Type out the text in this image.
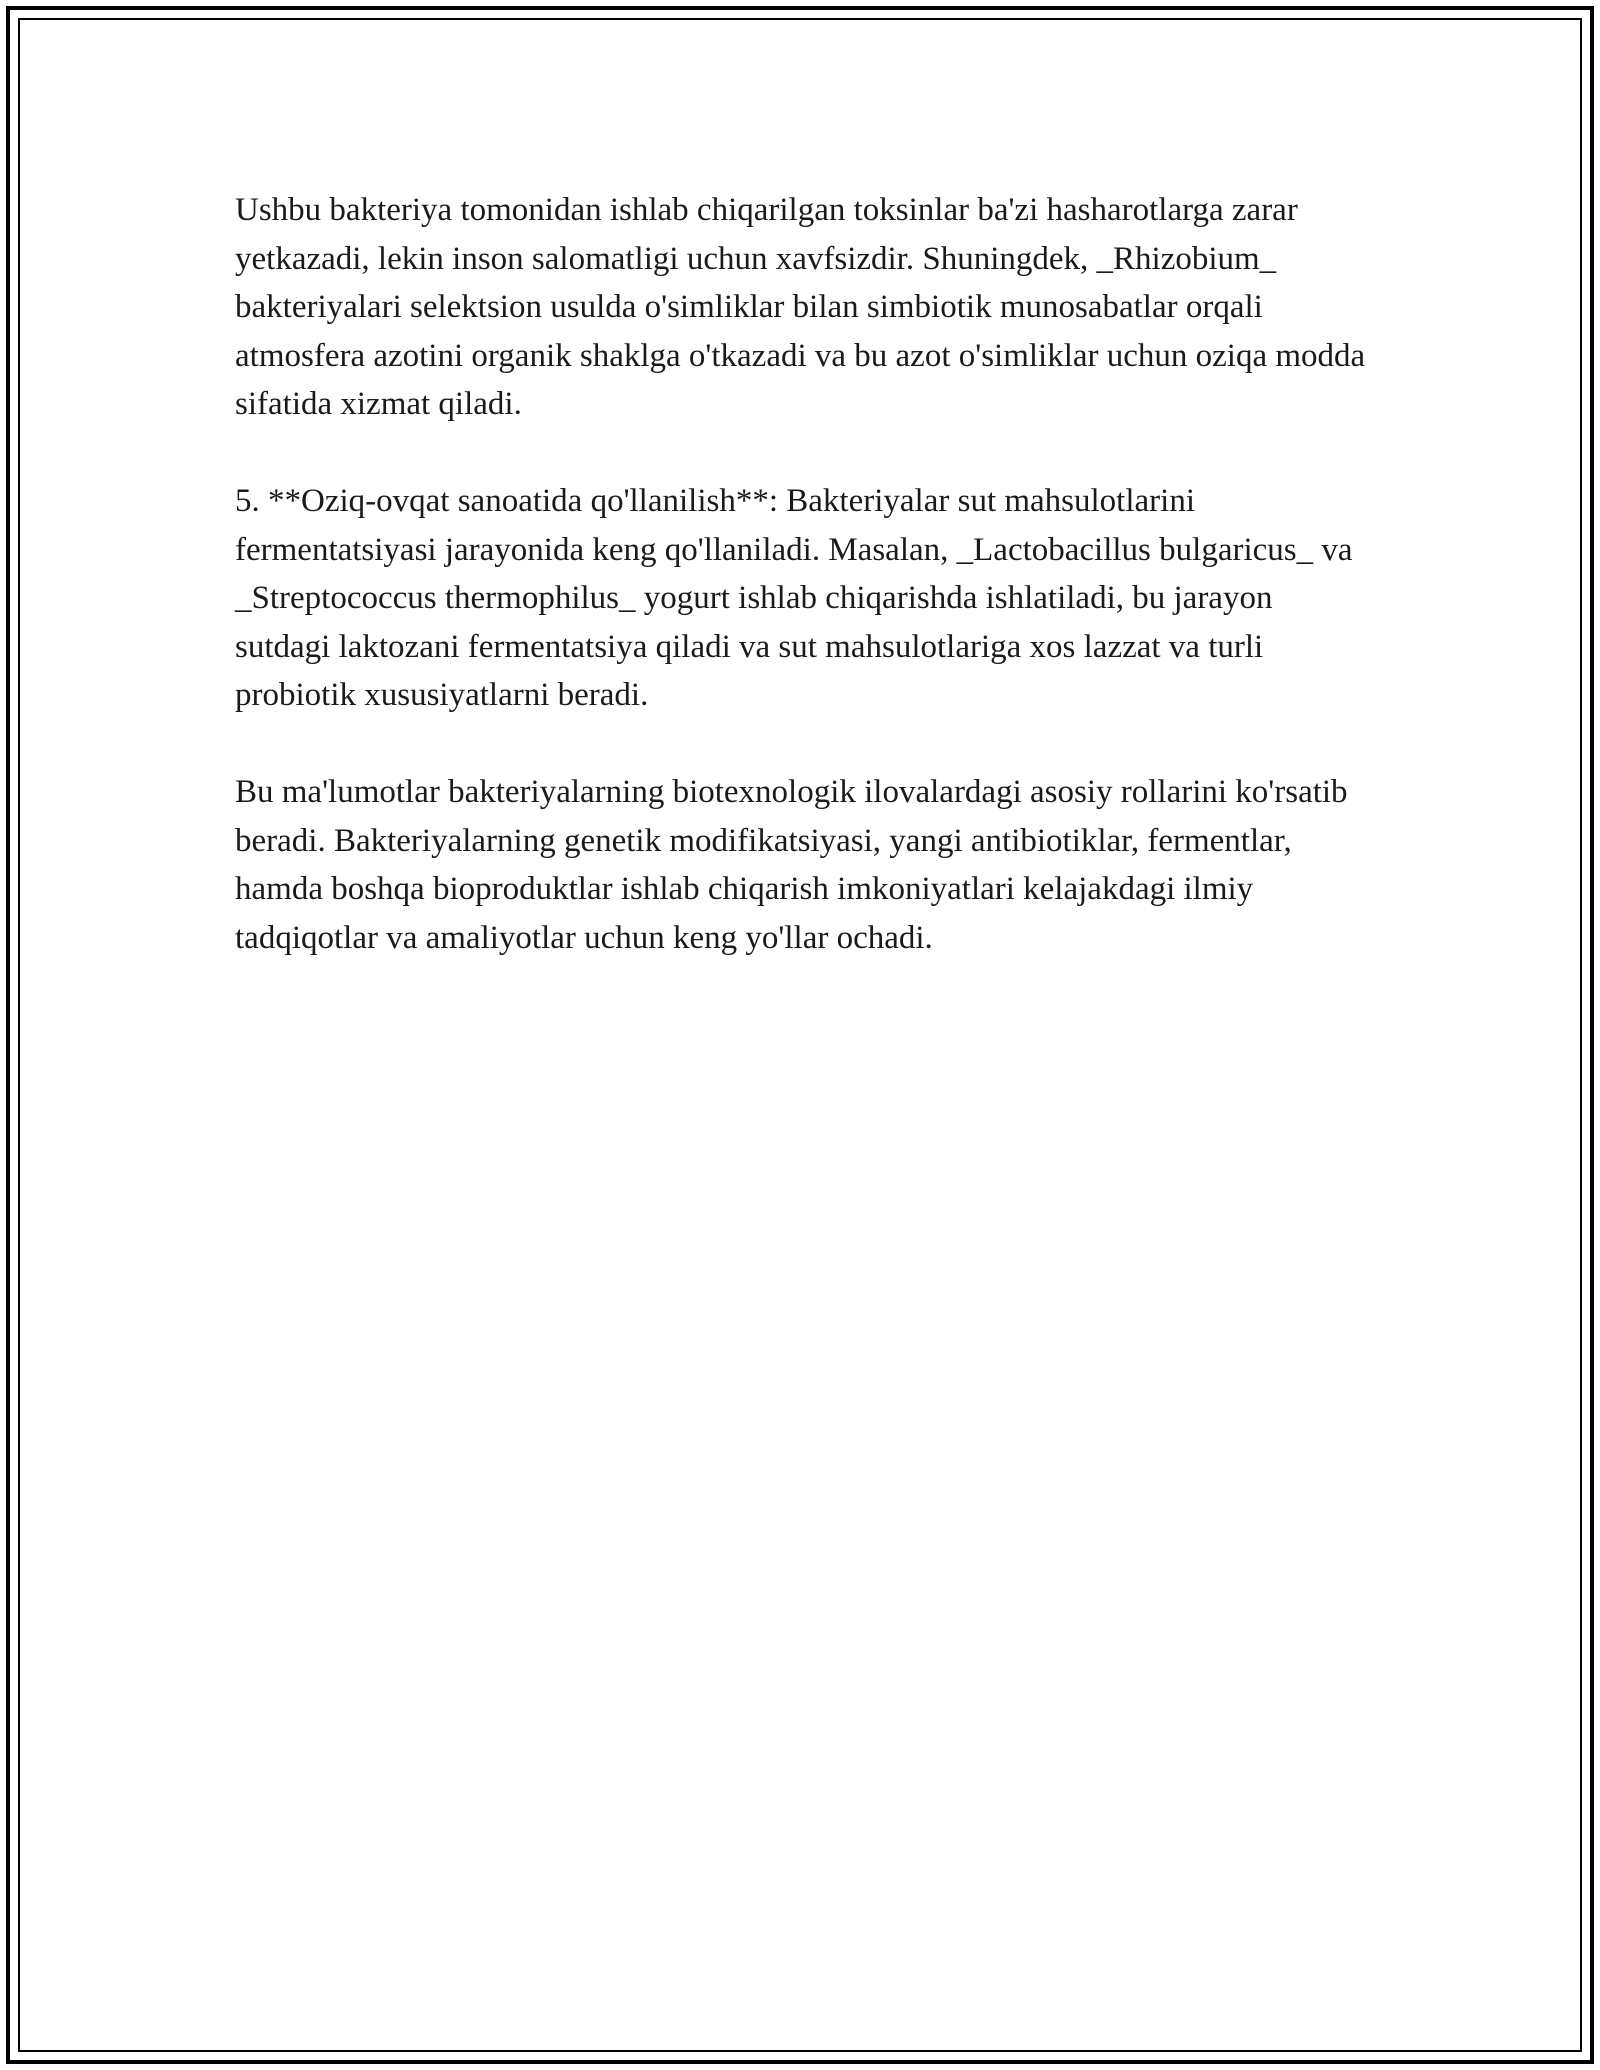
Ushbu bakteriya tomonidan ishlab chiqarilgan toksinlar ba'zi hasharotlarga zarar yetkazadi, lekin inson salomatligi uchun xavfsizdir. Shuningdek, _Rhizobium_ bakteriyalari selektsion usulda o'simliklar bilan simbiotik munosabatlar orqali atmosfera azotini organik shaklga o'tkazadi va bu azot o'simliklar uchun oziqa modda sifatida xizmat qiladi.

5. **Oziq-ovqat sanoatida qo'llanilish**: Bakteriyalar sut mahsulotlarini fermentatsiyasi jarayonida keng qo'llaniladi. Masalan, _Lactobacillus bulgaricus_ va _Streptococcus thermophilus_ yogurt ishlab chiqarishda ishlatiladi, bu jarayon sutdagi laktozani fermentatsiya qiladi va sut mahsulotlariga xos lazzat va turli probiotik xususiyatlarni beradi.

Bu ma'lumotlar bakteriyalarning biotexnologik ilovalardagi asosiy rollarini ko'rsatib beradi. Bakteriyalarning genetik modifikatsiyasi, yangi antibiotiklar, fermentlar, hamda boshqa bioproduktlar ishlab chiqarish imkoniyatlari kelajakdagi ilmiy tadqiqotlar va amaliyotlar uchun keng yo'llar ochadi.
